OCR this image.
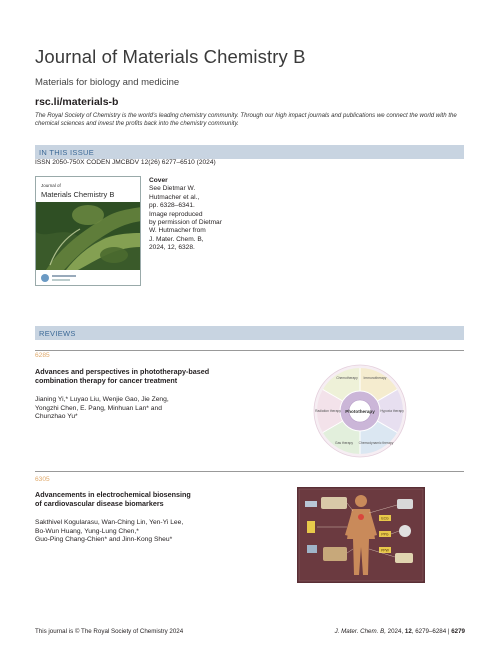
Journal of Materials Chemistry B
Materials for biology and medicine
rsc.li/materials-b
The Royal Society of Chemistry is the world’s leading chemistry community. Through our high impact journals and publications we connect the world with the chemical sciences and invest the profits back into the chemistry community.
IN THIS ISSUE
ISSN 2050-750X CODEN JMCBDV 12(26) 6277–6510 (2024)
Journal of
Materials Chemistry B
Cover
See Dietmar W.
Hutmacher et al.,
pp. 6328–6341.
Image reproduced
by permission of Dietmar
W. Hutmacher from
J. Mater. Chem. B,
2024, 12, 6328.
REVIEWS
6285
Advances and perspectives in phototherapy-based
combination therapy for cancer treatment
Jianing Yi,* Luyao Liu, Wenjie Gao, Jie Zeng,
Yongzhi Chen, E. Pang, Minhuan Lan* and
Chunzhao Yu*
Phototherapy
Chemotherapy Immunotherapy
Hypoxia therapy
Chemodynamic therapy
Gas therapy
Radiation therapy
6305
Advancements in electrochemical biosensing
of cardiovascular disease biomarkers
Sakthivel Kogularasu, Wan-Ching Lin, Yen-Yi Lee,
Bo-Wun Huang, Yung-Lung Chen,*
Guo-Ping Chang-Chien* and Jinn-Kong Sheu*
ECG
PPG
PPW
This journal is © The Royal Society of Chemistry 2024	J. Mater. Chem. B, 2024, 12, 6279–6284 | 6279
